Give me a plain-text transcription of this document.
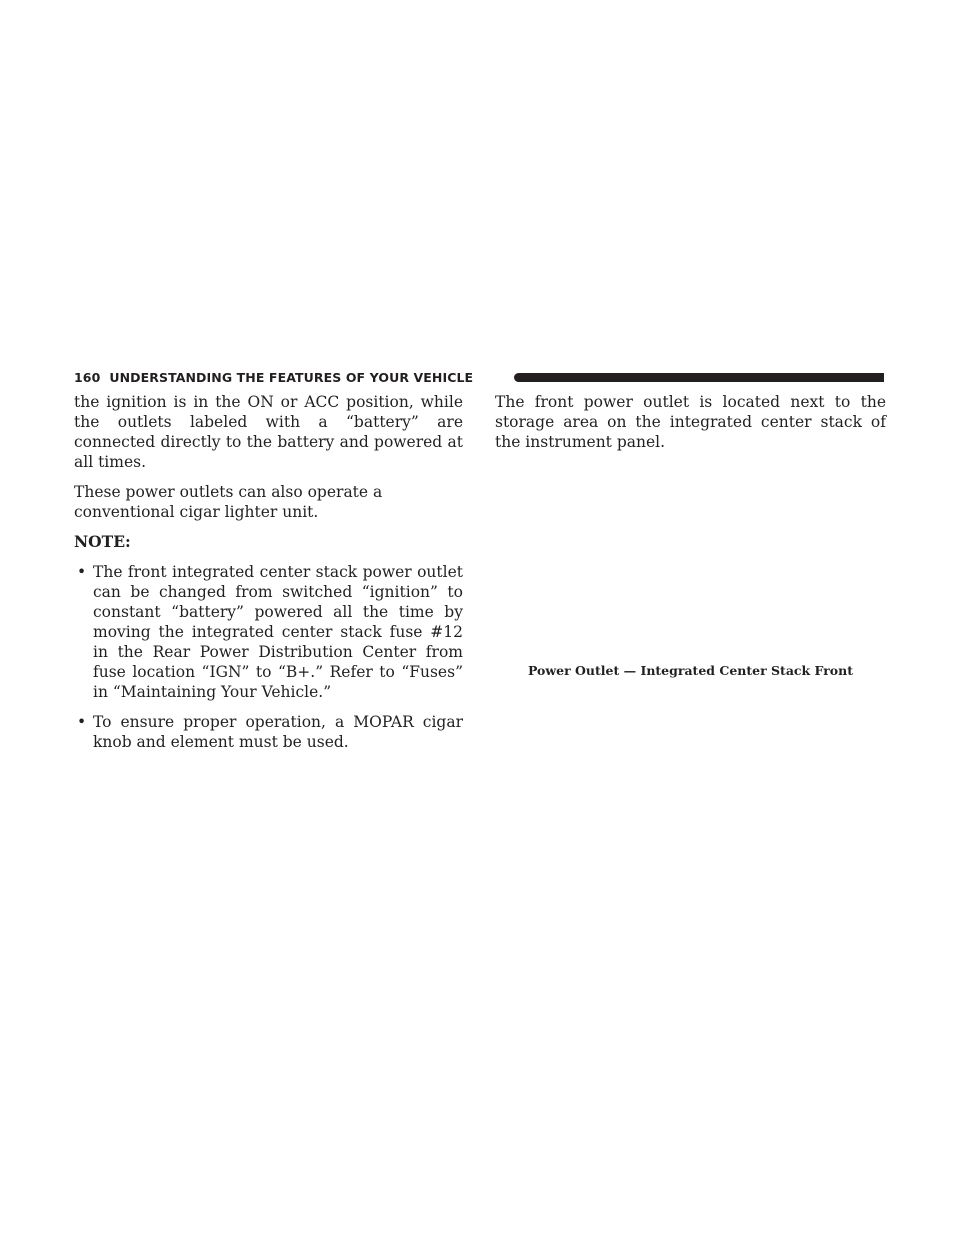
160 UNDERSTANDING THE FEATURES OF YOUR VEHICLE

the ignition is in the ON or ACC position, while the outlets labeled with a “battery” are connected directly to the battery and powered at all times.

These power outlets can also operate a conventional cigar lighter unit.

NOTE:
• The front integrated center stack power outlet can be changed from switched “ignition” to constant “battery” powered all the time by moving the integrated center stack fuse #12 in the Rear Power Distribution Center from fuse location “IGN” to “B+.” Refer to “Fuses” in “Maintaining Your Vehicle.”
• To ensure proper operation, a MOPAR cigar knob and element must be used.

The front power outlet is located next to the storage area on the integrated center stack of the instrument panel.

Power Outlet — Integrated Center Stack Front
